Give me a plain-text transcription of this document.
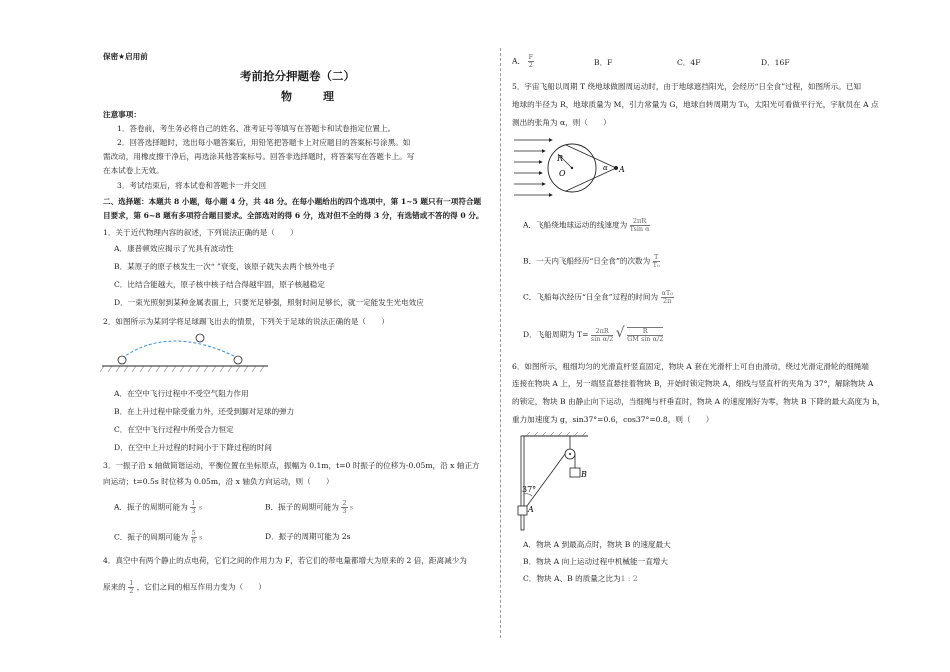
保密★启用前
考前抢分押题卷（二）
物　理
注意事项：
1．答卷前，考生务必将自己的姓名、准考证号等填写在答题卡和试卷指定位置上。
2．回答选择题时，选出每小题答案后，用铅笔把答题卡上对应题目的答案标号涂黑。如
需改动，用橡皮擦干净后，再选涂其他答案标号。回答非选择题时，将答案写在答题卡上。写
在本试卷上无效。
3．考试结束后，将本试卷和答题卡一并交回
二、选择题：本题共 8 小题，每小题 4 分，共 48 分。在每小题给出的四个选项中，第 1~5 题只有一项符合题
目要求，第 6~8 题有多项符合题目要求。全部选对的得 6 分，选对但不全的得 3 分，有选错或不答的得 0 分。
1．关于近代物理内容的叙述，下列说法正确的是（　　）
A．康普顿效应揭示了光具有波动性
B．某原子的原子核发生一次“ ”衰变，该原子就失去两个核外电子
C．比结合能越大，原子核中核子结合得越牢固，原子核越稳定
D．一束光照射到某种金属表面上，只要光足够强，照射时间足够长，就一定能发生光电效应
2．如图所示为某同学将足球踢飞出去的情景，下列关于足球的说法正确的是（　　）
A．在空中飞行过程中不受空气阻力作用
B．在上升过程中除受重力外，还受到脚对足球的弹力
C．在空中飞行过程中所受合力恒定
D．在空中上升过程的时间小于下降过程的时间
3．一振子沿 x 轴做简谐运动，平衡位置在坐标原点，振幅为 0.1m，t=0 时振子的位移为-0.05m，沿 x 轴正方
向运动；t=0.5s 时位移为 0.05m，沿 x 轴负方向运动，则（　　）
A．振子的周期可能为 $\frac{1}{3}$ s	B．振子的周期可能为 $\frac{2}{3}$ s
C．振子的周期可能为 $\frac{5}{6}$ s	D．振子的周期可能为 2s
4．真空中有两个静止的点电荷，它们之间的作用力为 F，若它们的带电量都增大为原来的 2 倍，距离减少为
原来的 $\frac{1}{2}$ ，它们之间的相互作用力变为（　　）
A． $\frac{F}{2}$	B．F	C．4F	D．16F
5．宇宙飞船以周期 T 绕地球做圆周运动时，由于地球遮挡阳光，会经历“日全食”过程，如图所示。已知
地球的半径为 R，地球质量为 M，引力常量为 G，地球自转周期为 T₀，太阳光可看做平行光，宇航员在 A 点
测出的张角为 α，则（　　）
R
O
α A
A．飞船绕地球运动的线速度为 $\frac{2\pi R}{\text{Tsin α}}$
B．一天内飞船经历“日全食”的次数为 $\frac{T}{\text{T₀}}$
C．飞船每次经历“日全食”过程的时间为 $\frac{\text{αT₀}}{2\pi}$
D．飞船周期为 $T= \frac{2\pi R}{\text{sin α/2}}$ √ $\frac{R}{\text{GM sin α/2}}$
6．如图所示，粗细均匀的光滑直杆竖直固定，物块 A 套在光滑杆上可自由滑动，绕过光滑定滑轮的细绳端
连接在物块 A 上，另一端竖直悬挂着物块 B，开始时锁定物块 A，细线与竖直杆的夹角为 37°，解除物块 A
的锁定，物块 B 由静止向下运动，当细绳与杆垂直时，物块 A 的速度刚好为零，物块 B 下降的最大高度为 h，
重力加速度为 g，sin37°=0.6，cos37°=0.8，则（　　）
37°
A
B
A．物块 A 到最高点时，物块 B 的速度最大
B．物块 A 向上运动过程中机械能一直增大
C．物块 A、B 的质量之比为1 : 2
